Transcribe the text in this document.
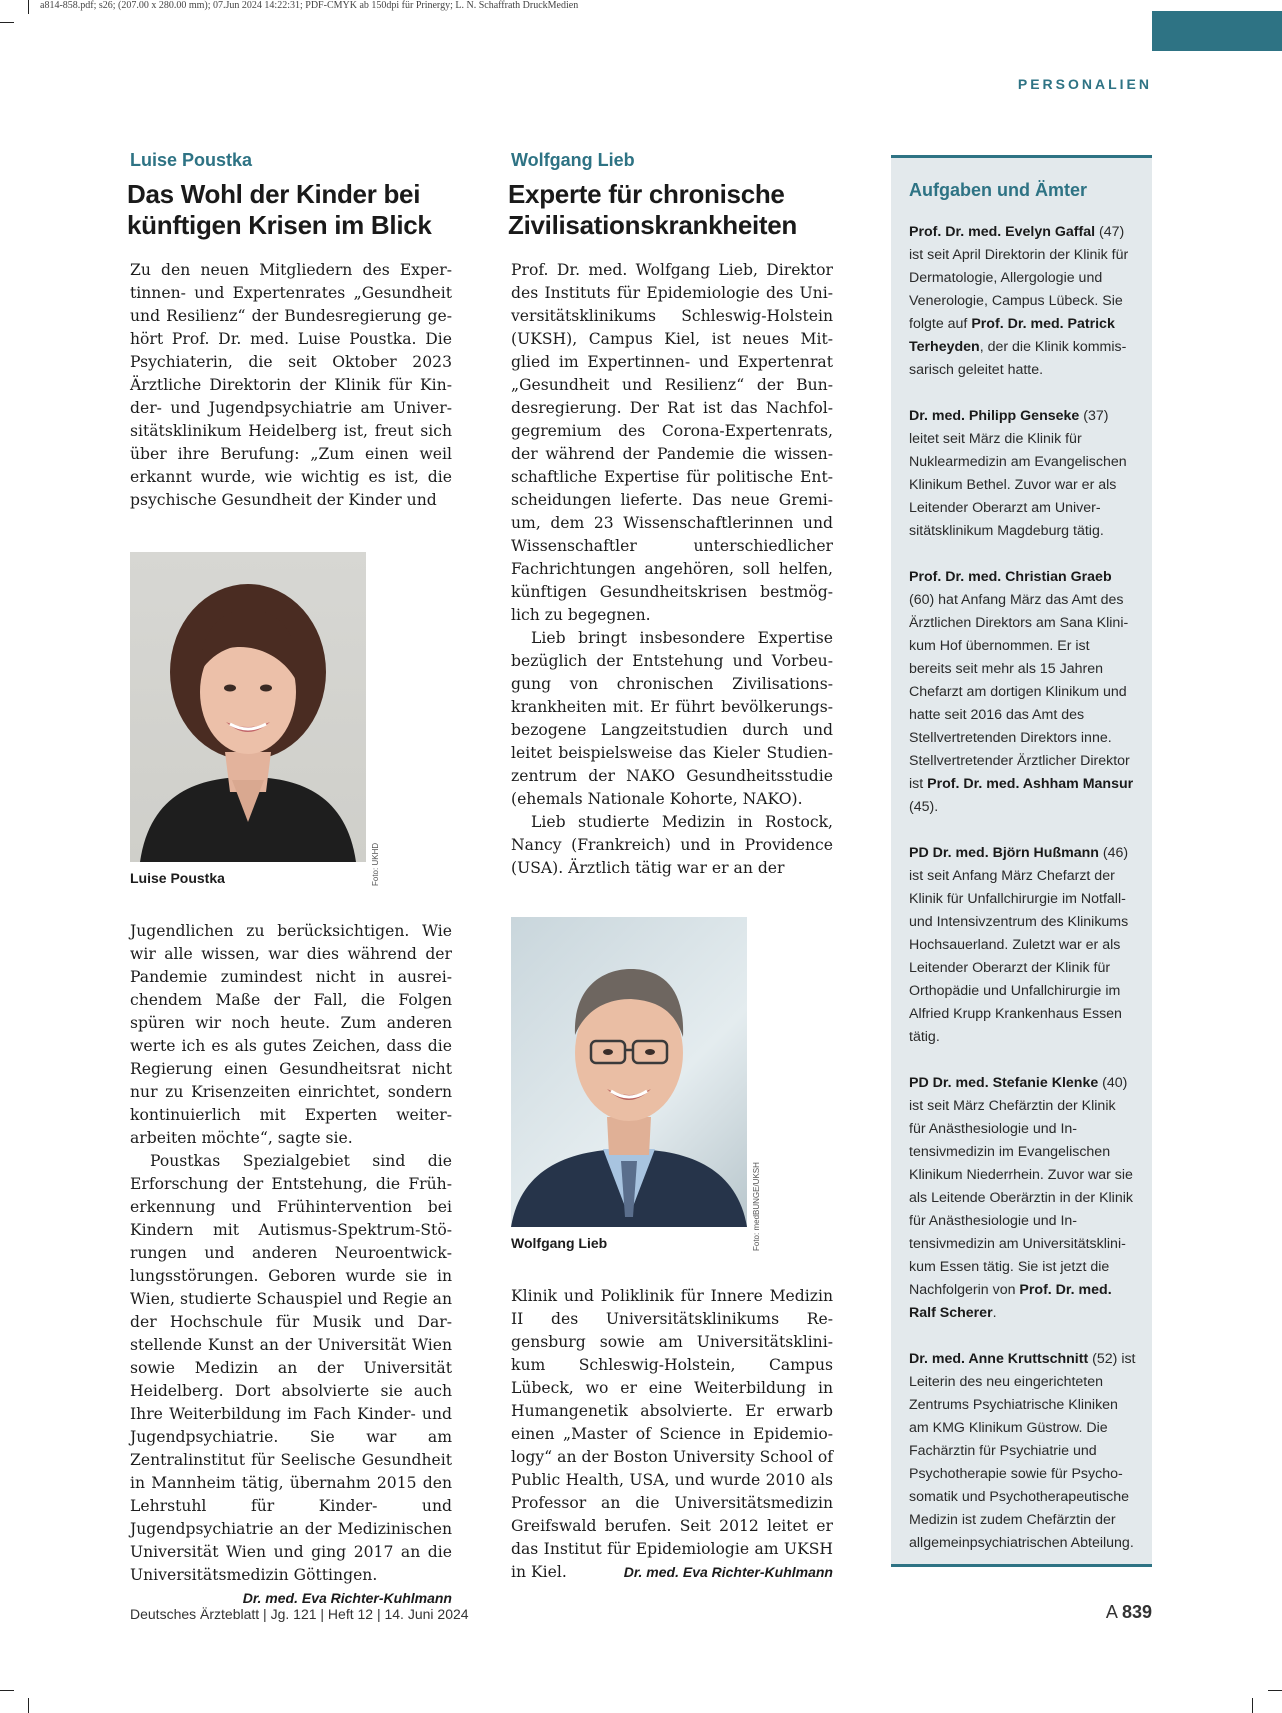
a814-858.pdf; s26; (207.00 x 280.00 mm); 07.Jun 2024 14:22:31; PDF-CMYK ab 150dpi für Prinergy; L. N. Schaffrath DruckMedien
PERSONALIEN
Luise Poustka
Das Wohl der Kinder bei künftigen Krisen im Blick

Zu den neuen Mitgliedern des Expertinnen- und Expertenrates „Gesundheit und Resilienz“ der Bundesregierung gehört Prof. Dr. med. Luise Poustka. Die Psychiaterin, die seit Oktober 2023 Ärztliche Direktorin der Klinik für Kinder- und Jugendpsychiatrie am Universitätsklinikum Heidelberg ist, freut sich über ihre Berufung: „Zum einen weil erkannt wurde, wie wichtig es ist, die psychische Gesundheit der Kinder und

Foto: UKHD
Luise Poustka

Jugendlichen zu berücksichtigen. Wie wir alle wissen, war dies während der Pandemie zumindest nicht in ausreichendem Maße der Fall, die Folgen spüren wir noch heute. Zum anderen werte ich es als gutes Zeichen, dass die Regierung einen Gesundheitsrat nicht nur zu Krisenzeiten einrichtet, sondern kontinuierlich mit Experten weiterarbeiten möchte“, sagte sie.

Poustkas Spezialgebiet sind die Erforschung der Entstehung, die Früherkennung und Frühintervention bei Kindern mit Autismus-Spektrum-Störungen und anderen Neuroentwicklungsstörungen. Geboren wurde sie in Wien, studierte Schauspiel und Regie an der Hochschule für Musik und Darstellende Kunst an der Universität Wien sowie Medizin an der Universität Heidelberg. Dort absolvierte sie auch Ihre Weiterbildung im Fach Kinder- und Jugendpsychiatrie. Sie war am Zentralinstitut für Seelische Gesundheit in Mannheim tätig, übernahm 2015 den Lehrstuhl für Kinder- und Jugendpsychiatrie an der Medizinischen Universität Wien und ging 2017 an die Universitätsmedizin Göttingen.
Dr. med. Eva Richter-Kuhlmann

Wolfgang Lieb
Experte für chronische Zivilisationskrankheiten

Prof. Dr. med. Wolfgang Lieb, Direktor des Instituts für Epidemiologie des Universitätsklinikums Schleswig-Holstein (UKSH), Campus Kiel, ist neues Mitglied im Expertinnen- und Expertenrat „Gesundheit und Resilienz“ der Bundesregierung. Der Rat ist das Nachfolgegremium des Corona-Expertenrats, der während der Pandemie die wissenschaftliche Expertise für politische Entscheidungen lieferte. Das neue Gremium, dem 23 Wissenschaftlerinnen und Wissenschaftler unterschiedlicher Fachrichtungen angehören, soll helfen, künftigen Gesundheitskrisen bestmöglich zu begegnen.

Lieb bringt insbesondere Expertise bezüglich der Entstehung und Vorbeugung von chronischen Zivilisationskrankheiten mit. Er führt bevölkerungsbezogene Langzeitstudien durch und leitet beispielsweise das Kieler Studienzentrum der NAKO Gesundheitsstudie (ehemals Nationale Kohorte, NAKO).

Lieb studierte Medizin in Rostock, Nancy (Frankreich) und in Providence (USA). Ärztlich tätig war er an der

Foto: medBUNGE/UKSH
Wolfgang Lieb

Klinik und Poliklinik für Innere Medizin II des Universitätsklinikums Regensburg sowie am Universitätsklinikum Schleswig-Holstein, Campus Lübeck, wo er eine Weiterbildung in Humangenetik absolvierte. Er erwarb einen „Master of Science in Epidemiology“ an der Boston University School of Public Health, USA, und wurde 2010 als Professor an die Universitätsmedizin Greifswald berufen. Seit 2012 leitet er das Institut für Epidemiologie am UKSH in Kiel.	Dr. med. Eva Richter-Kuhlmann

Aufgaben und Ämter

Prof. Dr. med. Evelyn Gaffal (47) ist seit April Direktorin der Klinik für Dermatologie, Allergologie und Venerologie, Campus Lübeck. Sie folgte auf Prof. Dr. med. Patrick Terheyden, der die Klinik kommissarisch geleitet hatte.

Dr. med. Philipp Genseke (37) leitet seit März die Klinik für Nuklearmedizin am Evangelischen Klinikum Bethel. Zuvor war er als Leitender Oberarzt am Universitätsklinikum Magdeburg tätig.

Prof. Dr. med. Christian Graeb (60) hat Anfang März das Amt des Ärztlichen Direktors am Sana Klinikum Hof übernommen. Er ist bereits seit mehr als 15 Jahren Chefarzt am dortigen Klinikum und hatte seit 2016 das Amt des Stellvertretenden Direktors inne. Stellvertretender Ärztlicher Direktor ist Prof. Dr. med. Ashham Mansur (45).

PD Dr. med. Björn Hußmann (46) ist seit Anfang März Chefarzt der Klinik für Unfallchirurgie im Notfall- und Intensivzentrum des Klinikums Hochsauerland. Zuletzt war er als Leitender Oberarzt der Klinik für Orthopädie und Unfallchirurgie im Alfried Krupp Krankenhaus Essen tätig.

PD Dr. med. Stefanie Klenke (40) ist seit März Chefärztin der Klinik für Anästhesiologie und Intensivmedizin im Evangelischen Klinikum Niederrhein. Zuvor war sie als Leitende Oberärztin in der Klinik für Anästhesiologie und Intensivmedizin am Universitätsklinikum Essen tätig. Sie ist jetzt die Nachfolgerin von Prof. Dr. med. Ralf Scherer.

Dr. med. Anne Kruttschnitt (52) ist Leiterin des neu eingerichteten Zentrums Psychiatrische Kliniken am KMG Klinikum Güstrow. Die Fachärztin für Psychiatrie und Psychotherapie sowie für Psychosomatik und Psychotherapeutische Medizin ist zudem Chefärztin der allgemeinpsychiatrischen Abteilung.

Deutsches Ärzteblatt | Jg. 121 | Heft 12 | 14. Juni 2024	A 839
